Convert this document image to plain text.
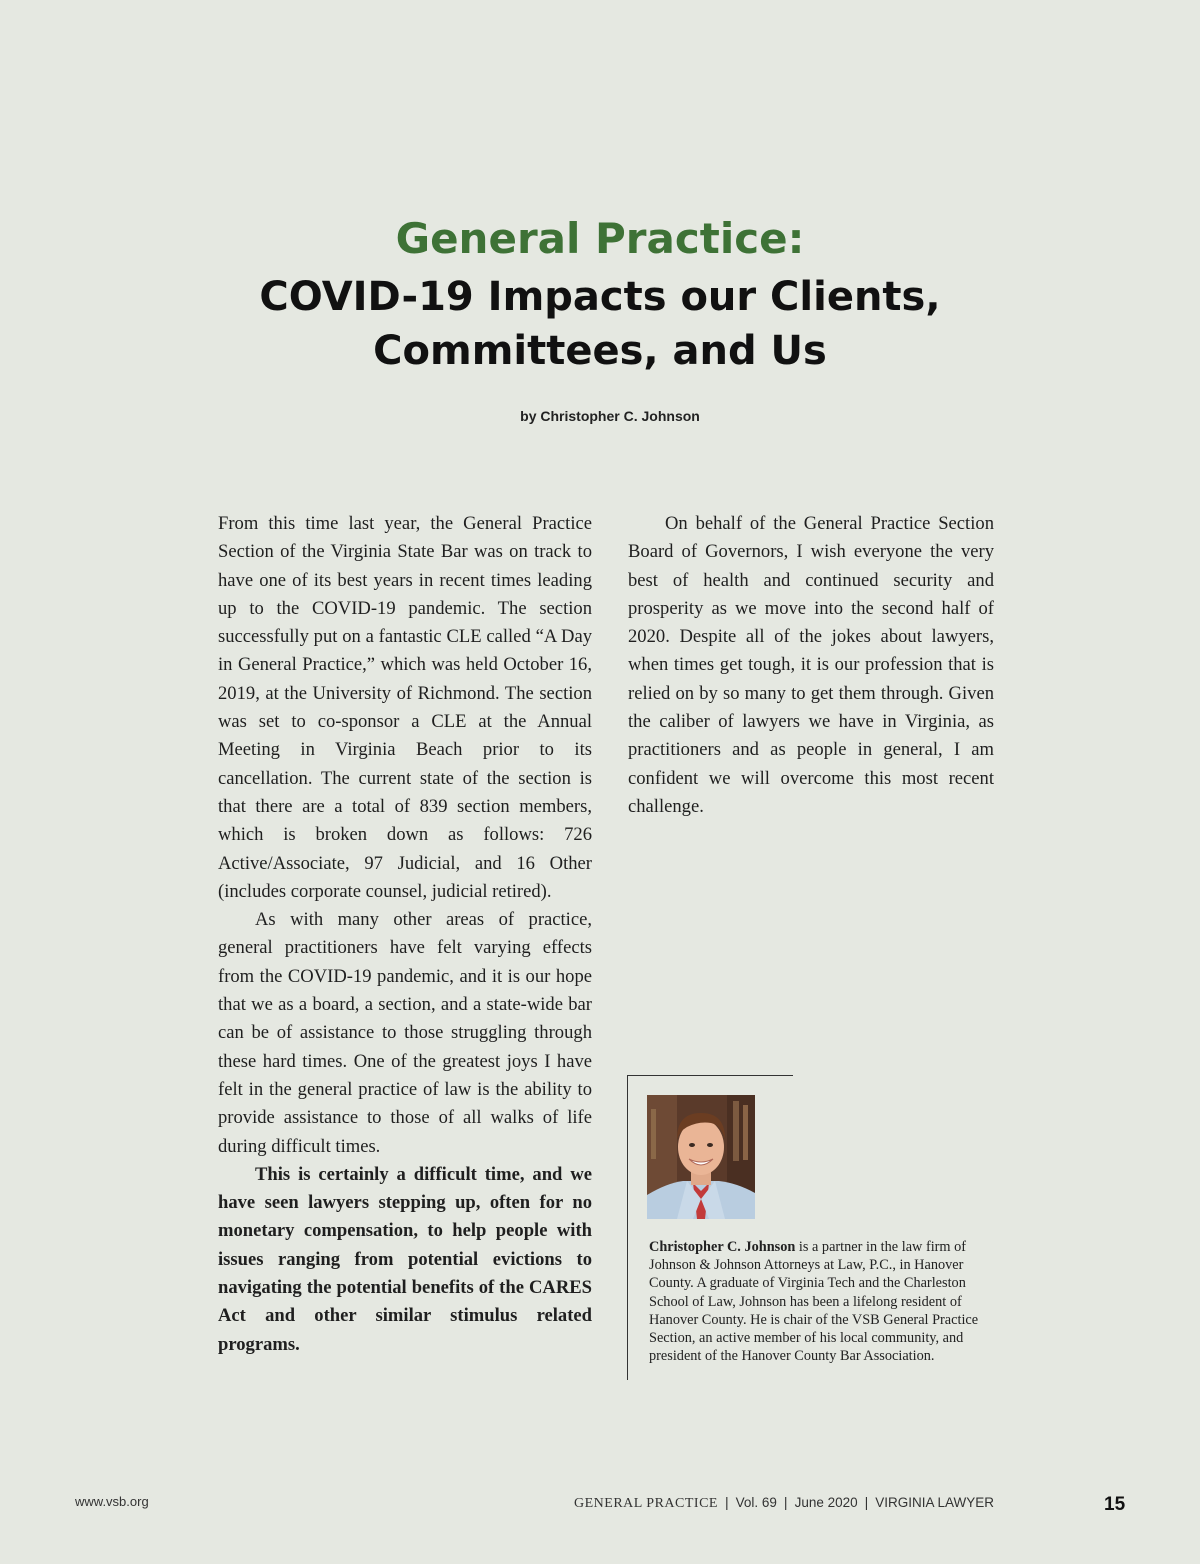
General Practice:
COVID-19 Impacts our Clients,
Committees, and Us
by Christopher C. Johnson

From this time last year, the General Practice Section of the Virginia State Bar was on track to have one of its best years in recent times leading up to the COVID-19 pandemic. The section successfully put on a fantastic CLE called “A Day in General Practice,” which was held October 16, 2019, at the University of Richmond. The section was set to co-sponsor a CLE at the Annual Meeting in Virginia Beach prior to its cancellation. The current state of the section is that there are a total of 839 section members, which is broken down as follows: 726 Active/Associate, 97 Judicial, and 16 Other (includes corporate counsel, judicial retired).

As with many other areas of practice, general practitioners have felt varying effects from the COVID-19 pandemic, and it is our hope that we as a board, a section, and a state-wide bar can be of assistance to those struggling through these hard times. One of the greatest joys I have felt in the general practice of law is the ability to provide assistance to those of all walks of life during difficult times.

This is certainly a difficult time, and we have seen lawyers stepping up, often for no monetary compensation, to help people with issues ranging from potential evictions to navigating the potential benefits of the CARES Act and other similar stimulus related programs.

On behalf of the General Practice Section Board of Governors, I wish everyone the very best of health and continued security and prosperity as we move into the second half of 2020. Despite all of the jokes about lawyers, when times get tough, it is our profession that is relied on by so many to get them through. Given the caliber of lawyers we have in Virginia, as practitioners and as people in general, I am confident we will overcome this most recent challenge.

Christopher C. Johnson is a partner in the law firm of Johnson & Johnson Attorneys at Law, P.C., in Hanover County. A graduate of Virginia Tech and the Charleston School of Law, Johnson has been a lifelong resident of Hanover County. He is chair of the VSB General Practice Section, an active member of his local community, and president of the Hanover County Bar Association.
www.vsb.org	GENERAL PRACTICE | Vol. 69 | June 2020 | VIRGINIA LAWYER	15
